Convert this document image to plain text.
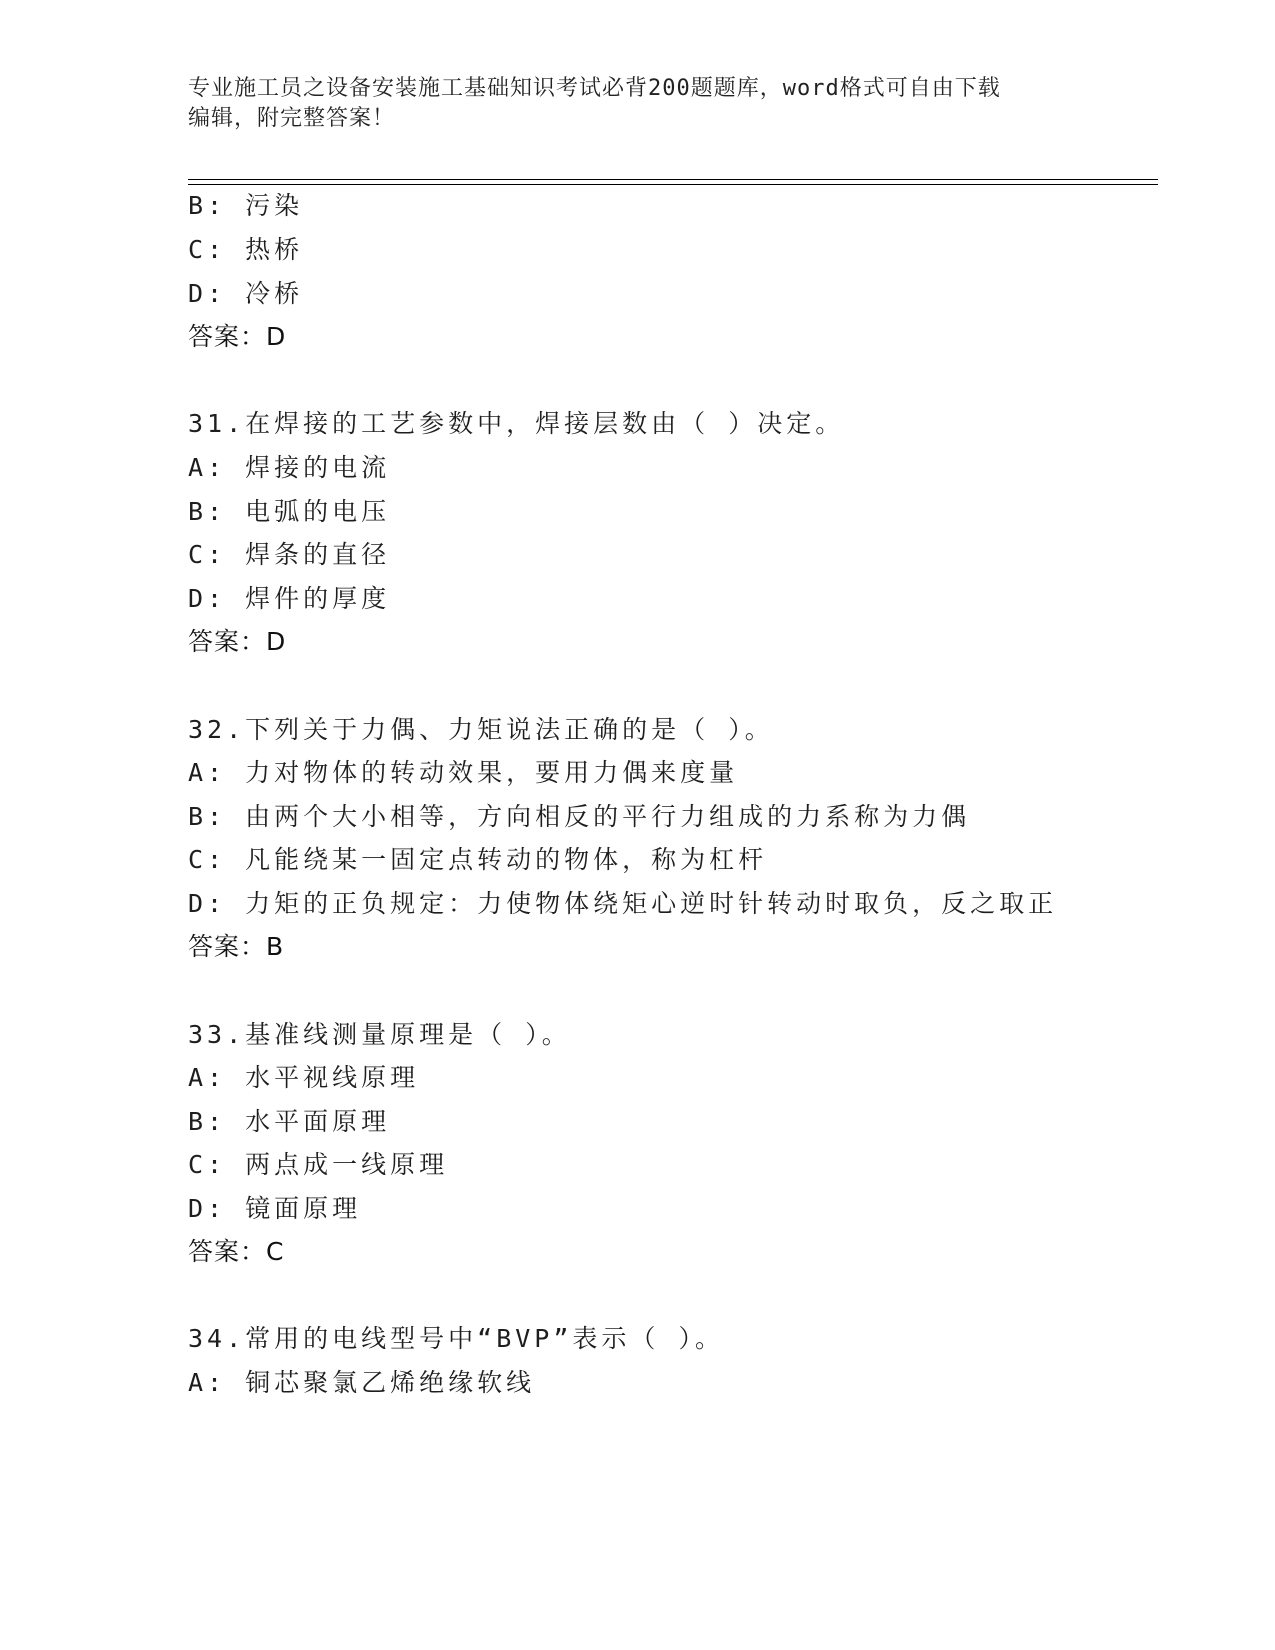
专业施工员之设备安装施工基础知识考试必背200题题库，word格式可自由下载
编辑，附完整答案！
B: 污染
C: 热桥
D: 冷桥
答案：D
31.在焊接的工艺参数中，焊接层数由（ ）决定。
A: 焊接的电流
B: 电弧的电压
C: 焊条的直径
D: 焊件的厚度
答案：D
32.下列关于力偶、力矩说法正确的是（ ）。
A: 力对物体的转动效果，要用力偶来度量
B: 由两个大小相等，方向相反的平行力组成的力系称为力偶
C: 凡能绕某一固定点转动的物体，称为杠杆
D: 力矩的正负规定：力使物体绕矩心逆时针转动时取负，反之取正
答案：B
33.基准线测量原理是（ ）。
A: 水平视线原理
B: 水平面原理
C: 两点成一线原理
D: 镜面原理
答案：C
34.常用的电线型号中“BVP”表示（ ）。
A: 铜芯聚氯乙烯绝缘软线
